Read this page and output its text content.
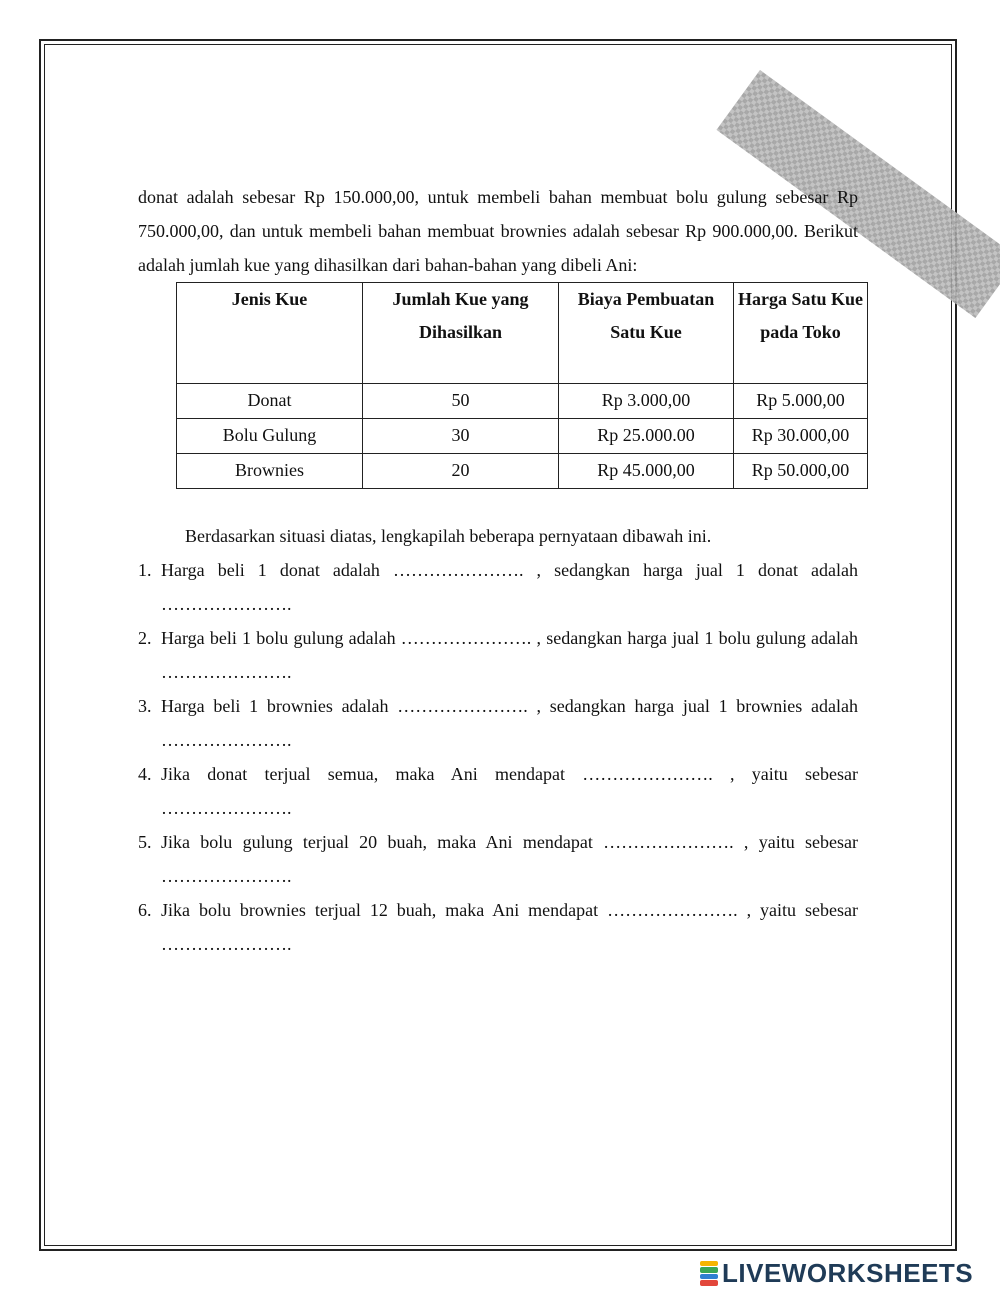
donat adalah sebesar Rp 150.000,00, untuk membeli bahan membuat bolu gulung sebesar Rp 750.000,00, dan untuk membeli bahan membuat brownies adalah sebesar Rp 900.000,00. Berikut adalah jumlah kue yang dihasilkan dari bahan-bahan yang dibeli Ani:

Jenis Kue	Jumlah Kue yang Dihasilkan	Biaya Pembuatan Satu Kue	Harga Satu Kue pada Toko
Donat	50	Rp 3.000,00	Rp 5.000,00
Bolu Gulung	30	Rp 25.000.00	Rp 30.000,00
Brownies	20	Rp 45.000,00	Rp 50.000,00

Berdasarkan situasi diatas, lengkapilah beberapa pernyataan dibawah ini.

1. Harga beli 1 donat adalah …………………. , sedangkan harga jual 1 donat adalah ………………….
2. Harga beli 1 bolu gulung adalah …………………. , sedangkan harga jual 1 bolu gulung adalah ………………….
3. Harga beli 1 brownies adalah …………………. , sedangkan harga jual 1 brownies adalah ………………….
4. Jika donat terjual semua, maka Ani mendapat …………………. , yaitu sebesar ………………….
5. Jika bolu gulung terjual 20 buah, maka Ani mendapat …………………. , yaitu sebesar ………………….
6. Jika bolu brownies terjual 12 buah, maka Ani mendapat …………………. , yaitu sebesar ………………….
LIVEWORKSHEETS
